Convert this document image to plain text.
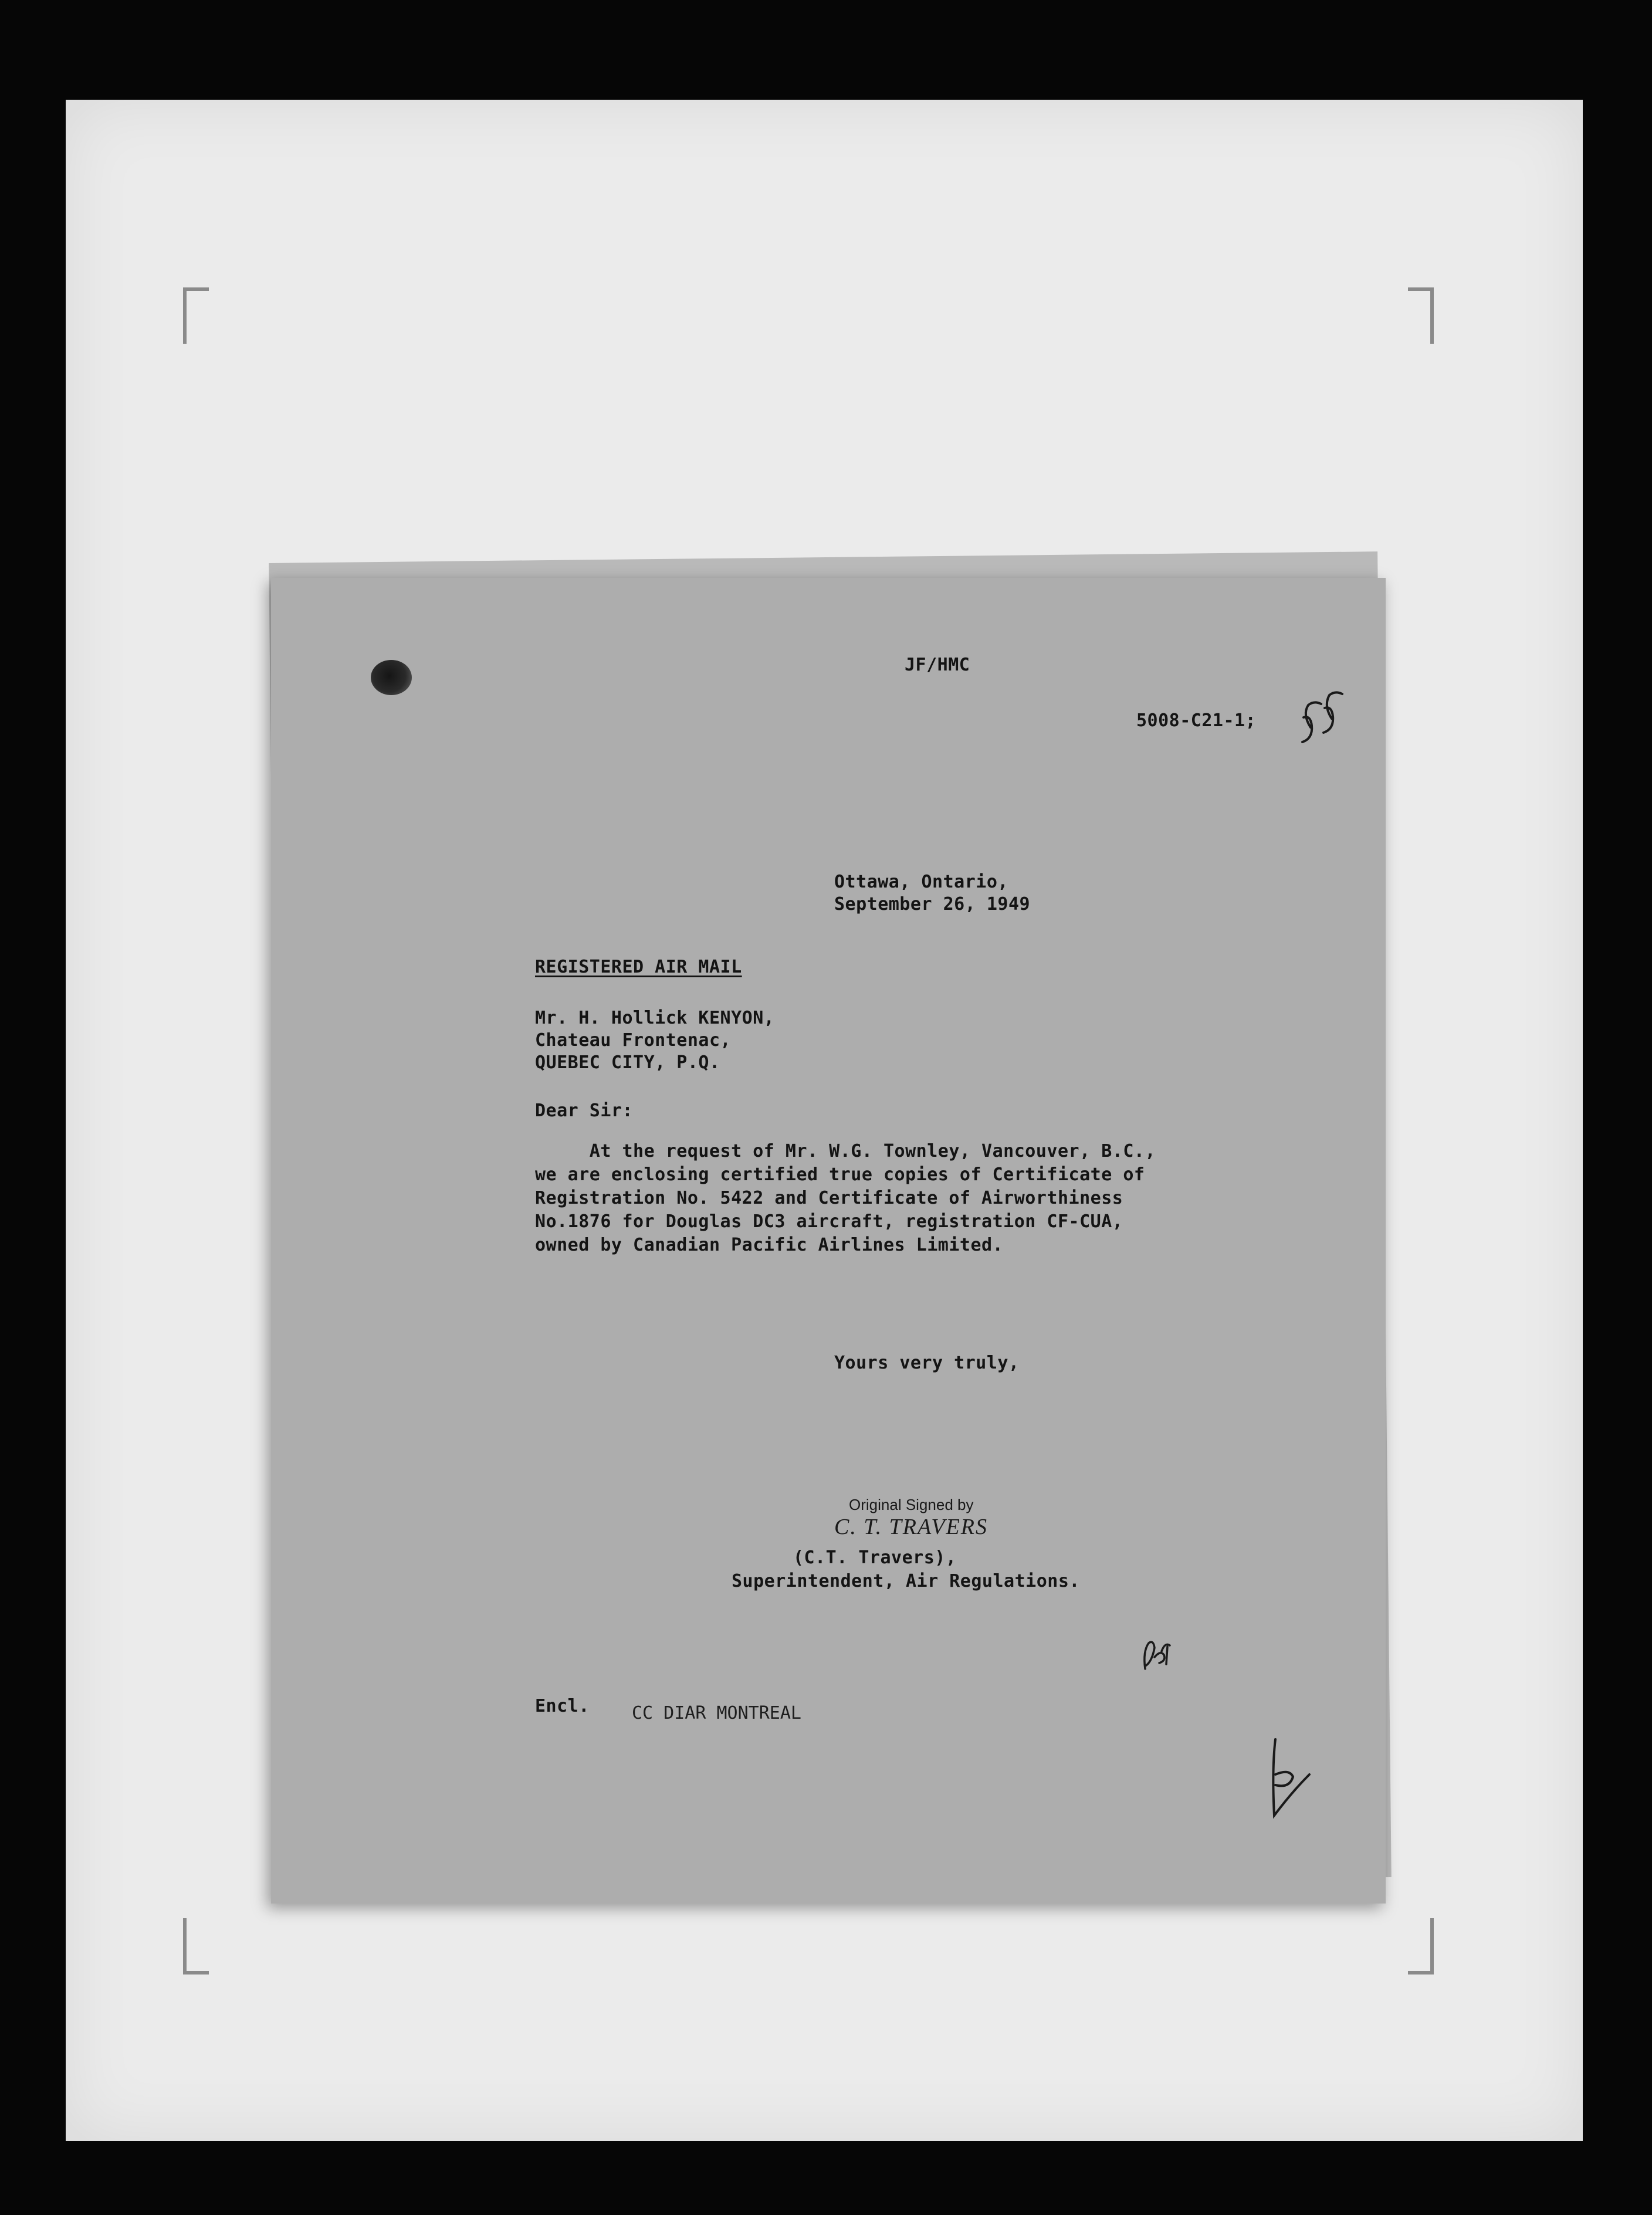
JF/HMC
5008-C21-1;
Ottawa, Ontario,
September 26, 1949
REGISTERED AIR MAIL
Mr. H. Hollick KENYON,
Chateau Frontenac,
QUEBEC CITY, P.Q.
Dear Sir:
At the request of Mr. W.G. Townley, Vancouver, B.C.,
we are enclosing certified true copies of Certificate of
Registration No. 5422 and Certificate of Airworthiness
No.1876 for Douglas DC3 aircraft, registration CF-CUA,
owned by Canadian Pacific Airlines Limited.
Yours very truly,
Original Signed by
C. T. TRAVERS
(C.T. Travers),
Superintendent, Air Regulations.
Encl. CC DIAR MONTREAL
